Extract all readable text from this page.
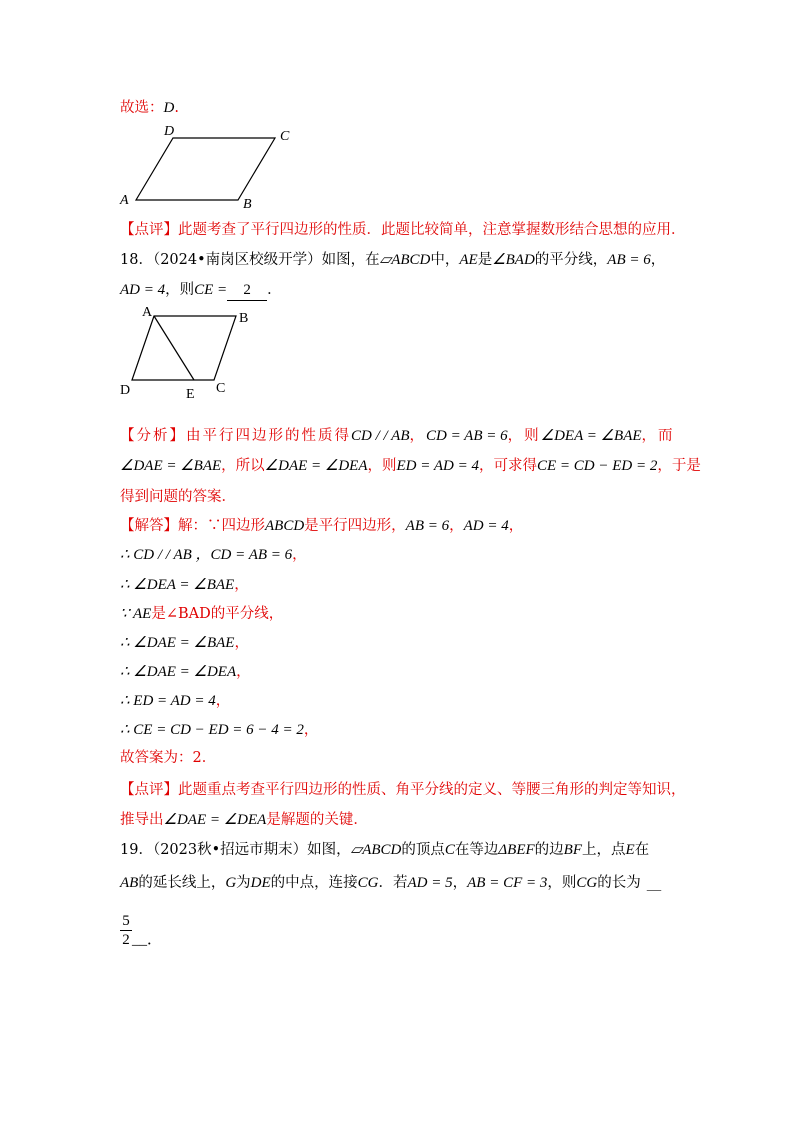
故选：D.
A	B
C
D
【点评】此题考查了平行四边形的性质．此题比较简单，注意掌握数形结合思想的应用．
18．（2024•南岗区校级开学）如图，在▱ABCD中，AE是∠BAD的平分线，AB = 6，
AD = 4，则CE = 2 ．
A	B
C
D	E
【分析】由平行四边形的性质得CD / / AB，CD = AB = 6，则∠DEA = ∠BAE，而
∠DAE = ∠BAE，所以∠DAE = ∠DEA，则ED = AD = 4，可求得CE = CD − ED = 2，于是
得到问题的答案．
【解答】解：∵四边形ABCD是平行四边形，AB = 6，AD = 4，
∴ CD / / AB ，CD = AB = 6，
∴ ∠DEA = ∠BAE，
∵ AE是∠BAD的平分线，
∴ ∠DAE = ∠BAE，
∴ ∠DAE = ∠DEA，
∴ ED = AD = 4，
∴ CE = CD − ED = 6 − 4 = 2，
故答案为：2．
【点评】此题重点考查平行四边形的性质、角平分线的定义、等腰三角形的判定等知识，
推导出∠DAE = ∠DEA是解题的关键．
19．（2023秋•招远市期末）如图，▱ABCD的顶点C在等边ΔBEF的边BF上，点E在
AB的延长线上，G为DE的中点，连接CG．若AD = 5，AB = CF = 3，则CG的长为 __
5
2 __．
